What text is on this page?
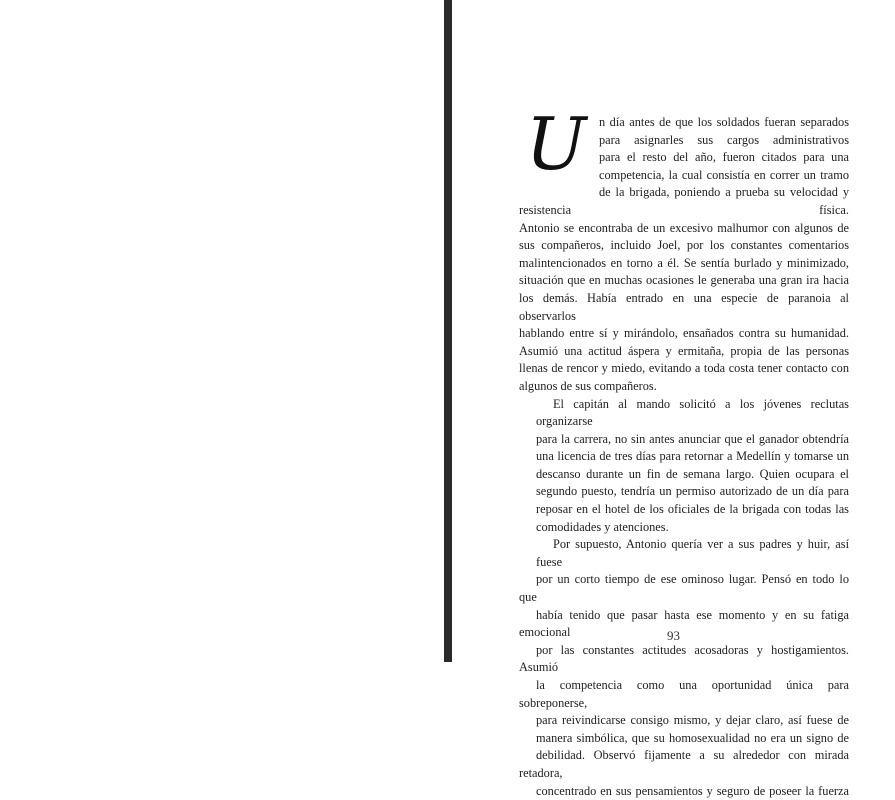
U	n día antes de que los soldados fueran separados
para asignarles sus cargos administrativos
para el resto del año, fueron citados para una
competencia, la cual consistía en correr un tramo
de la brigada, poniendo a prueba su velocidad y resistencia física.
Antonio se encontraba de un excesivo malhumor con algunos de
sus compañeros, incluido Joel, por los constantes comentarios
malintencionados en torno a él. Se sentía burlado y minimizado,
situación que en muchas ocasiones le generaba una gran ira hacia
los demás. Había entrado en una especie de paranoia al observarlos
hablando entre sí y mirándolo, ensañados contra su humanidad.
Asumió una actitud áspera y ermitaña, propia de las personas
llenas de rencor y miedo, evitando a toda costa tener contacto con
algunos de sus compañeros.
El capitán al mando solicitó a los jóvenes reclutas organizarse
para la carrera, no sin antes anunciar que el ganador obtendría
una licencia de tres días para retornar a Medellín y tomarse un
descanso durante un fin de semana largo. Quien ocupara el
segundo puesto, tendría un permiso autorizado de un día para
reposar en el hotel de los oficiales de la brigada con todas las
comodidades y atenciones.
Por supuesto, Antonio quería ver a sus padres y huir, así fuese
por un corto tiempo de ese ominoso lugar. Pensó en todo lo que
había tenido que pasar hasta ese momento y en su fatiga emocional
por las constantes actitudes acosadoras y hostigamientos. Asumió
la competencia como una oportunidad única para sobreponerse,
para reivindicarse consigo mismo, y dejar claro, así fuese de
manera simbólica, que su homosexualidad no era un signo de
debilidad. Observó fijamente a su alrededor con mirada retadora,
concentrado en sus pensamientos y seguro de poseer la fuerza
93
